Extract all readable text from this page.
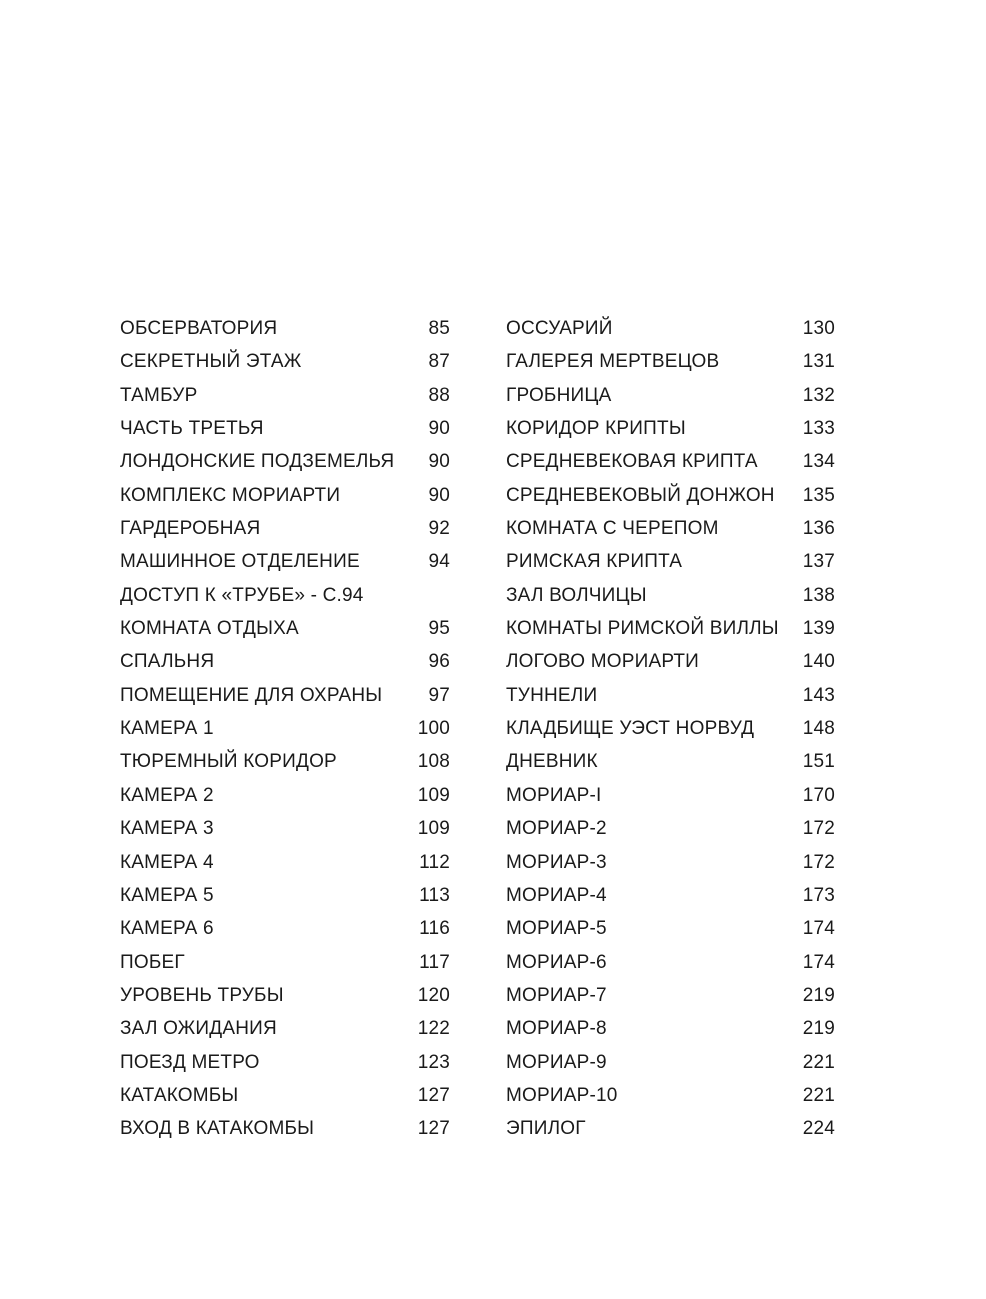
ОБСЕРВАТОРИЯ	85
СЕКРЕТНЫЙ ЭТАЖ	87
ТАМБУР	88
ЧАСТЬ ТРЕТЬЯ	90
ЛОНДОНСКИЕ ПОДЗЕМЕЛЬЯ 90
КОМПЛЕКС МОРИАРТИ	90
ГАРДЕРОБНАЯ	92
МАШИННОЕ ОТДЕЛЕНИЕ	94
ДОСТУП К «ТРУБЕ» - С.94
КОМНАТА ОТДЫХА	95
СПАЛЬНЯ	96
ПОМЕЩЕНИЕ ДЛЯ ОХРАНЫ 97
КАМЕРА 1	100
ТЮРЕМНЫЙ КОРИДОР	108
КАМЕРА 2	109
КАМЕРА 3	109
КАМЕРА 4	112
КАМЕРА 5	113
КАМЕРА 6	116
ПОБЕГ	117
УРОВЕНЬ ТРУБЫ	120
ЗАЛ ОЖИДАНИЯ	122
ПОЕЗД МЕТРО	123
КАТАКОМБЫ	127
ВХОД В КАТАКОМБЫ	127
ОССУАРИЙ	130
ГАЛЕРЕЯ МЕРТВЕЦОВ	131
ГРОБНИЦА	132
КОРИДОР КРИПТЫ	133
СРЕДНЕВЕКОВАЯ КРИПТА 134
СРЕДНЕВЕКОВЫЙ ДОНЖОН 135
КОМНАТА С ЧЕРЕПОМ	136
РИМСКАЯ КРИПТА	137
ЗАЛ ВОЛЧИЦЫ	138
КОМНАТЫ РИМСКОЙ ВИЛЛЫ 139
ЛОГОВО МОРИАРТИ	140
ТУННЕЛИ	143
КЛАДБИЩЕ УЭСТ НОРВУД	148
ДНЕВНИК	151
МОРИАР-I	170
МОРИАР-2	172
МОРИАР-3	172
МОРИАР-4	173
МОРИАР-5	174
МОРИАР-6	174
МОРИАР-7	219
МОРИАР-8	219
МОРИАР-9	221
МОРИАР-10	221
ЭПИЛОГ	224
